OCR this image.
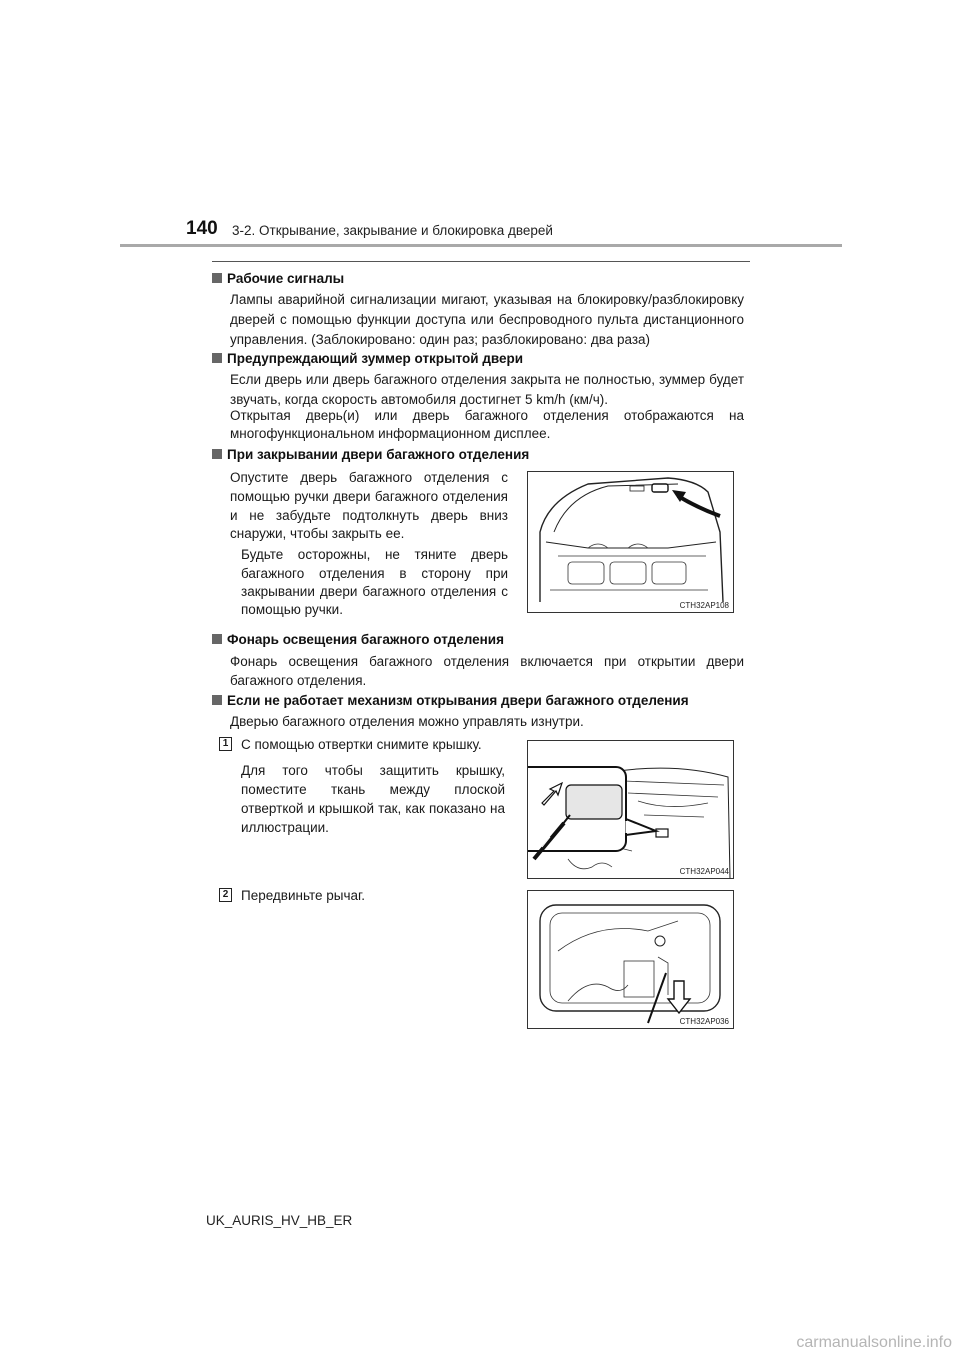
140 3-2. Открывание, закрывание и блокировка дверей
Рабочие сигналы
Лампы аварийной сигнализации мигают, указывая на блокировку/разблокировку
дверей с помощью функции доступа или беспроводного пульта дистанционного
управления. (Заблокировано: один раз; разблокировано: два раза)
Предупреждающий зуммер открытой двери
Если дверь или дверь багажного отделения закрыта не полностью, зуммер будет
звучать, когда скорость автомобиля достигнет 5 km/h (км/ч).
Открытая дверь(и) или дверь багажного отделения отображаются на
многофункциональном информационном дисплее.
При закрывании двери багажного отделения
Опустите дверь багажного отделения с
помощью ручки двери багажного отделения
и не забудьте подтолкнуть дверь вниз
снаружи, чтобы закрыть ее.
Будьте осторожны, не тяните дверь
багажного отделения в сторону при
закрывании двери багажного отделения с
помощью ручки.	CTH32AP108
Фонарь освещения багажного отделения
Фонарь освещения багажного отделения включается при открытии двери
багажного отделения.
Если не работает механизм открывания двери багажного отделения
Дверью багажного отделения можно управлять изнутри.
1 С помощью отвертки снимите крышку.
Для того чтобы защитить крышку,
поместите ткань между плоской
отверткой и крышкой так, как показано на
иллюстрации.
CTH32AP044
2 Передвиньте рычаг.
CTH32AP036
UK_AURIS_HV_HB_ER
carmanualsonline.info
